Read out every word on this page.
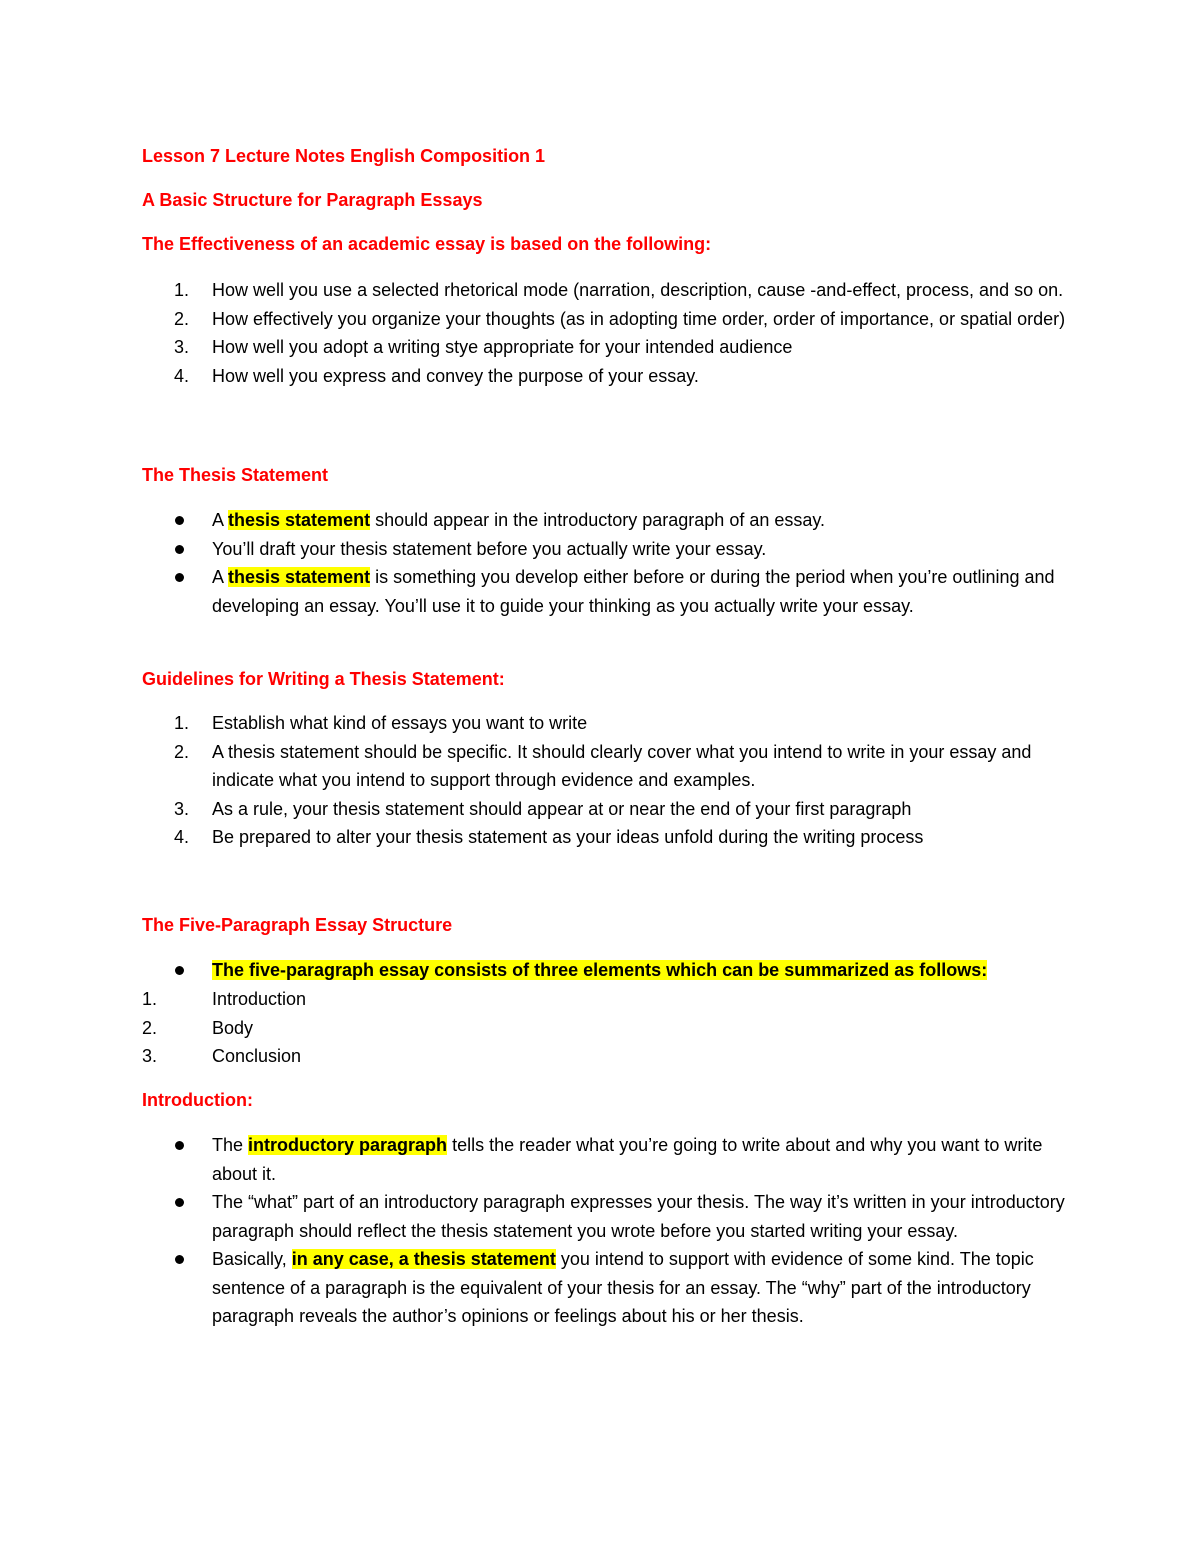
Lesson 7 Lecture Notes English Composition 1
A Basic Structure for Paragraph Essays
The Effectiveness of an academic essay is based on the following:
1. How well you use a selected rhetorical mode (narration, description, cause -and-effect, process, and so on.
2. How effectively you organize your thoughts (as in adopting time order, order of importance, or spatial order)
3. How well you adopt a writing stye appropriate for your intended audience
4. How well you express and convey the purpose of your essay.
The Thesis Statement
A thesis statement should appear in the introductory paragraph of an essay.
You’ll draft your thesis statement before you actually write your essay.
A thesis statement is something you develop either before or during the period when you’re outlining and developing an essay. You’ll use it to guide your thinking as you actually write your essay.
Guidelines for Writing a Thesis Statement:
1. Establish what kind of essays you want to write
2. A thesis statement should be specific. It should clearly cover what you intend to write in your essay and indicate what you intend to support through evidence and examples.
3. As a rule, your thesis statement should appear at or near the end of your first paragraph
4. Be prepared to alter your thesis statement as your ideas unfold during the writing process
The Five-Paragraph Essay Structure
The five-paragraph essay consists of three elements which can be summarized as follows:
1.	Introduction
2.	Body
3.	Conclusion
Introduction:
The introductory paragraph tells the reader what you’re going to write about and why you want to write about it.
The “what” part of an introductory paragraph expresses your thesis. The way it’s written in your introductory paragraph should reflect the thesis statement you wrote before you started writing your essay.
Basically, in any case, a thesis statement you intend to support with evidence of some kind. The topic sentence of a paragraph is the equivalent of your thesis for an essay. The “why” part of the introductory paragraph reveals the author’s opinions or feelings about his or her thesis.
